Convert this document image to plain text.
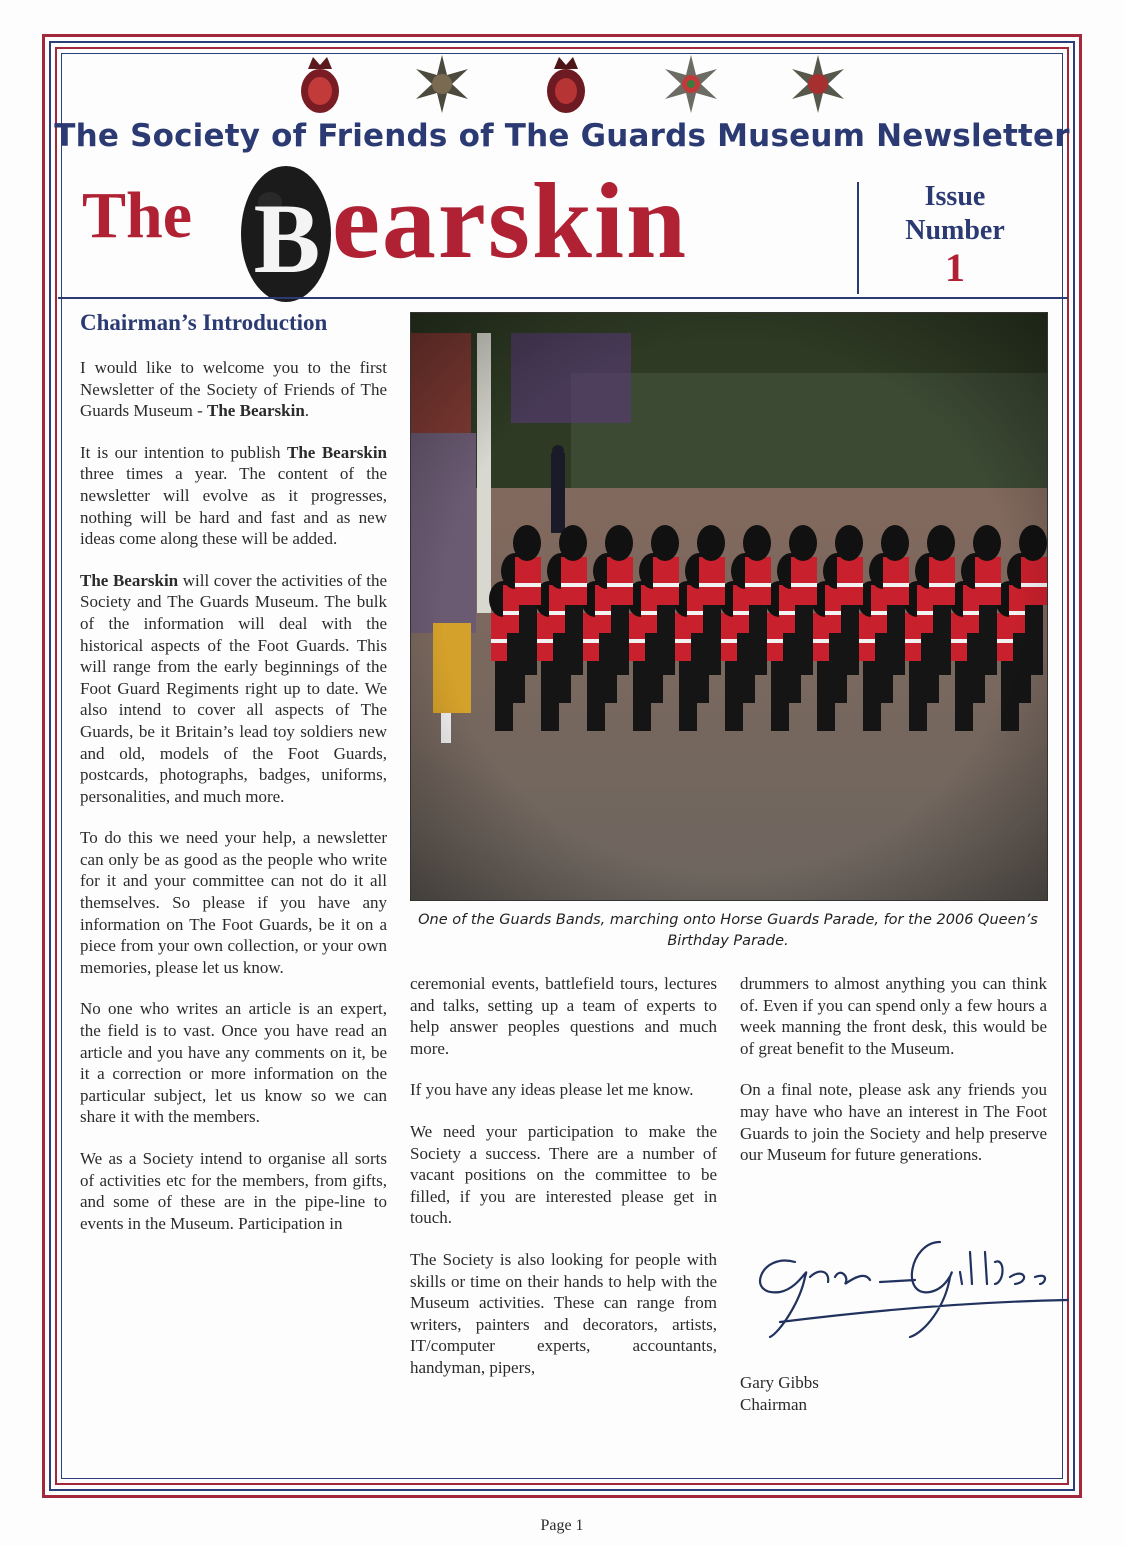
The Society of Friends of The Guards Museum Newsletter
The B earskin	Issue
Number
1
Chairman’s Introduction

I would like to welcome you to the first Newsletter of the Society of Friends of The Guards Museum - The Bearskin.

It is our intention to publish The Bearskin three times a year. The content of the newsletter will evolve as it progresses, nothing will be hard and fast and as new ideas come along these will be added.

The Bearskin will cover the activities of the Society and The Guards Museum. The bulk of the information will deal with the historical aspects of the Foot Guards. This will range from the early beginnings of the Foot Guard Regiments right up to date. We also intend to cover all aspects of The Guards, be it Britain’s lead toy soldiers new and old, models of the Foot Guards, postcards, photographs, badges, uniforms, personalities, and much more.

To do this we need your help, a newsletter can only be as good as the people who write for it and your committee can not do it all themselves. So please if you have any information on The Foot Guards, be it on a piece from your own collection, or your own memories, please let us know.

No one who writes an article is an expert, the field is to vast. Once you have read an article and you have any comments on it, be it a correction or more information on the particular subject, let us know so we can share it with the members.

We as a Society intend to organise all sorts of activities etc for the members, from gifts, and some of these are in the pipe-line to events in the Museum. Participation in

One of the Guards Bands, marching onto Horse Guards Parade, for the 2006 Queen’s Birthday Parade.

ceremonial events, battlefield tours, lectures and talks, setting up a team of experts to help answer peoples questions and much more.

If you have any ideas please let me know.

We need your participation to make the Society a success. There are a number of vacant positions on the committee to be filled, if you are interested please get in touch.

The Society is also looking for people with skills or time on their hands to help with the Museum activities. These can range from writers, painters and decorators, artists, IT/computer experts, accountants, handyman, pipers,

drummers to almost anything you can think of. Even if you can spend only a few hours a week manning the front desk, this would be of great benefit to the Museum.

On a final note, please ask any friends you may have who have an interest in The Foot Guards to join the Society and help preserve our Museum for future generations.

Gary Gibbs
Chairman
Page 1
